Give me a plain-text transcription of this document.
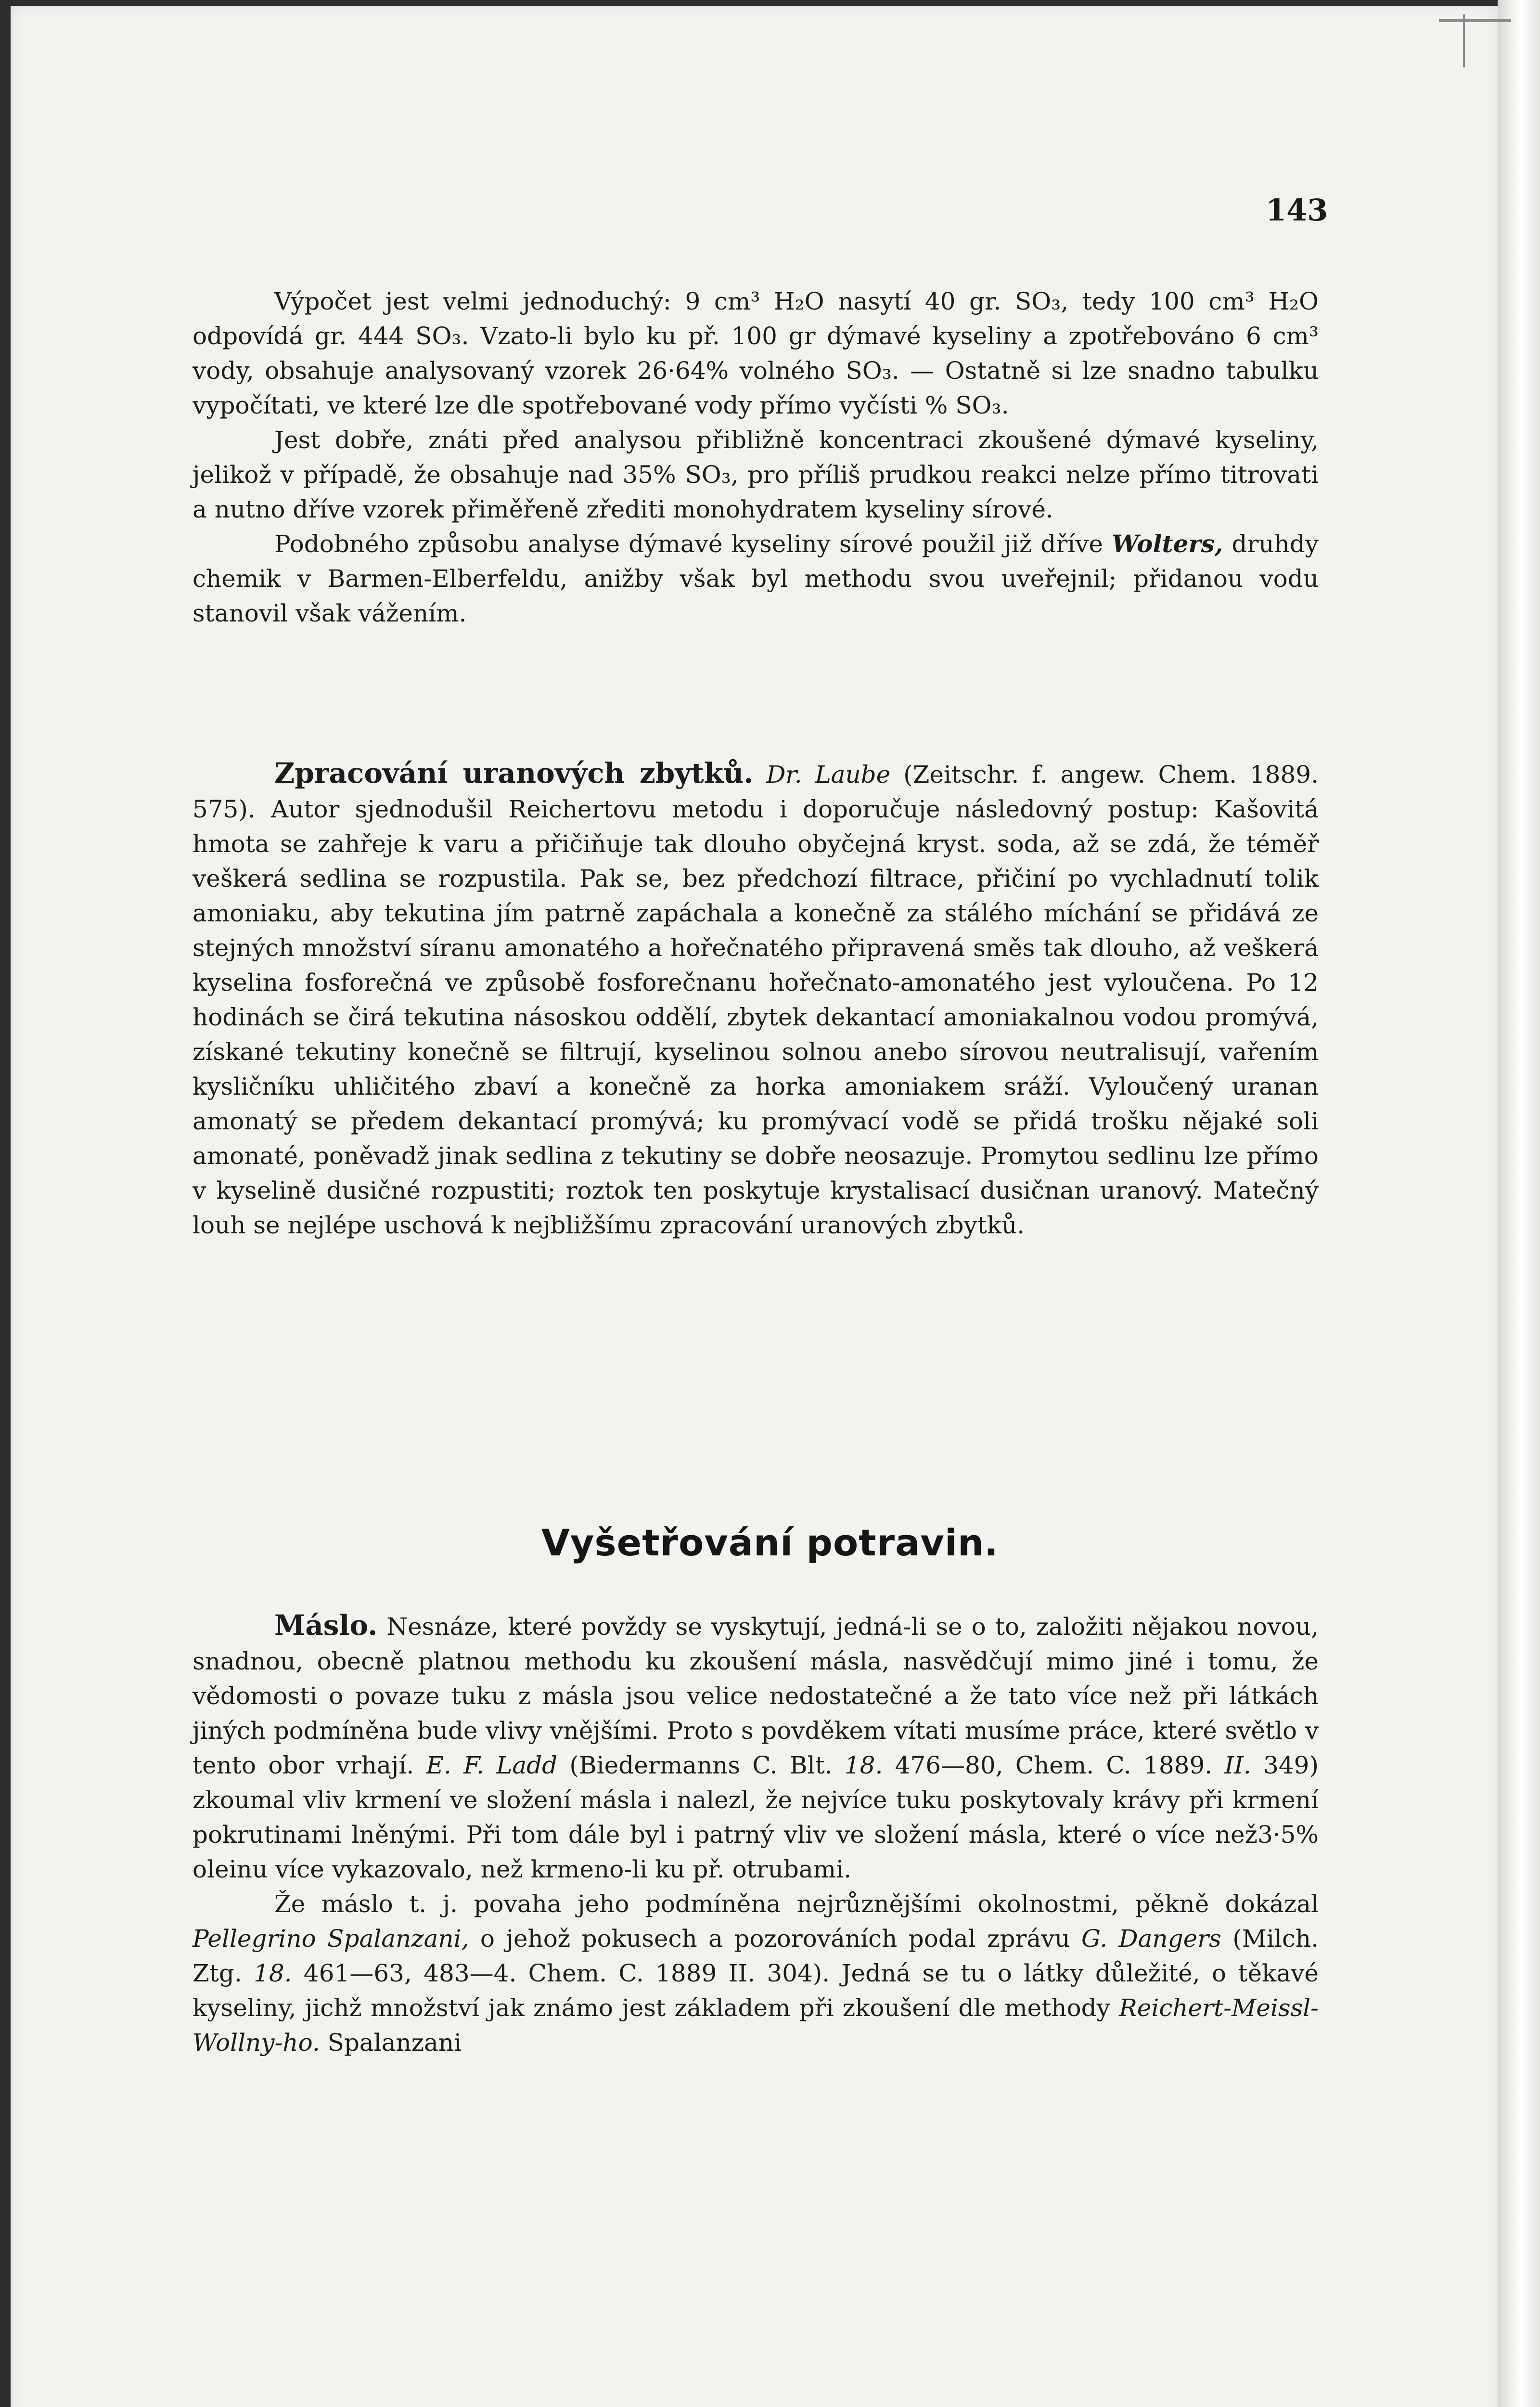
143

Výpočet jest velmi jednoduchý: 9 cm³ H₂O nasytí 40 gr. SO₃, tedy 100 cm³ H₂O odpovídá gr. 444 SO₃. Vzato-li bylo ku př. 100 gr dýmavé kyseliny a zpotřebováno 6 cm³ vody, obsahuje analysovaný vzorek 26·64% volného SO₃. — Ostatně si lze snadno tabulku vypočítati, ve které lze dle spotřebované vody přímo vyčísti % SO₃.

Jest dobře, znáti před analysou přibližně koncentraci zkoušené dýmavé kyseliny, jelikož v případě, že obsahuje nad 35% SO₃, pro příliš prudkou reakci nelze přímo titrovati a nutno dříve vzorek přiměřeně zřediti monohydratem kyseliny sírové.

Podobného způsobu analyse dýmavé kyseliny sírové použil již dříve Wolters, druhdy chemik v Barmen-Elberfeldu, anižby však byl methodu svou uveřejnil; přidanou vodu stanovil však vážením.

Zpracování uranových zbytků. Dr. Laube (Zeitschr. f. angew. Chem. 1889. 575). Autor sjednodušil Reichertovu metodu i doporučuje následovný postup: Kašovitá hmota se zahřeje k varu a přičiňuje tak dlouho obyčejná kryst. soda, až se zdá, že téměř veškerá sedlina se rozpustila. Pak se, bez předchozí filtrace, přičiní po vychladnutí tolik amoniaku, aby tekutina jím patrně zapáchala a konečně za stálého míchání se přidává ze stejných množství síranu amonatého a hořečnatého připravená směs tak dlouho, až veškerá kyselina fosforečná ve způsobě fosforečnanu hořečnato-amonatého jest vyloučena. Po 12 hodinách se čirá tekutina násoskou oddělí, zbytek dekantací amoniakalnou vodou promývá, získané tekutiny konečně se filtrují, kyselinou solnou anebo sírovou neutralisují, vařením kysličníku uhličitého zbaví a konečně za horka amoniakem sráží. Vyloučený uranan amonatý se předem dekantací promývá; ku promývací vodě se přidá trošku nějaké soli amonaté, poněvadž jinak sedlina z tekutiny se dobře neosazuje. Promytou sedlinu lze přímo v kyselině dusičné rozpustiti; roztok ten poskytuje krystalisací dusičnan uranový. Matečný louh se nejlépe uschová k nejbližšímu zpracování uranových zbytků.

Vyšetřování potravin.

Máslo. Nesnáze, které povždy se vyskytují, jedná-li se o to, založiti nějakou novou, snadnou, obecně platnou methodu ku zkoušení másla, nasvědčují mimo jiné i tomu, že vědomosti o povaze tuku z másla jsou velice nedostatečné a že tato více než při látkách jiných podmíněna bude vlivy vnějšími. Proto s povděkem vítati musíme práce, které světlo v tento obor vrhají. E. F. Ladd (Biedermanns C. Blt. 18. 476—80, Chem. C. 1889. II. 349) zkoumal vliv krmení ve složení másla i nalezl, že nejvíce tuku poskytovaly krávy při krmení pokrutinami lněnými. Při tom dále byl i patrný vliv ve složení másla, které o více než3·5% oleinu více vykazovalo, než krmeno-li ku př. otrubami.

Že máslo t. j. povaha jeho podmíněna nejrůznějšími okolnostmi, pěkně dokázal Pellegrino Spalanzani, o jehož pokusech a pozorováních podal zprávu G. Dangers (Milch. Ztg. 18. 461—63, 483—4. Chem. C. 1889 II. 304). Jedná se tu o látky důležité, o těkavé kyseliny, jichž množství jak známo jest základem při zkoušení dle methody Reichert-Meissl-Wollny-ho. Spalanzani
